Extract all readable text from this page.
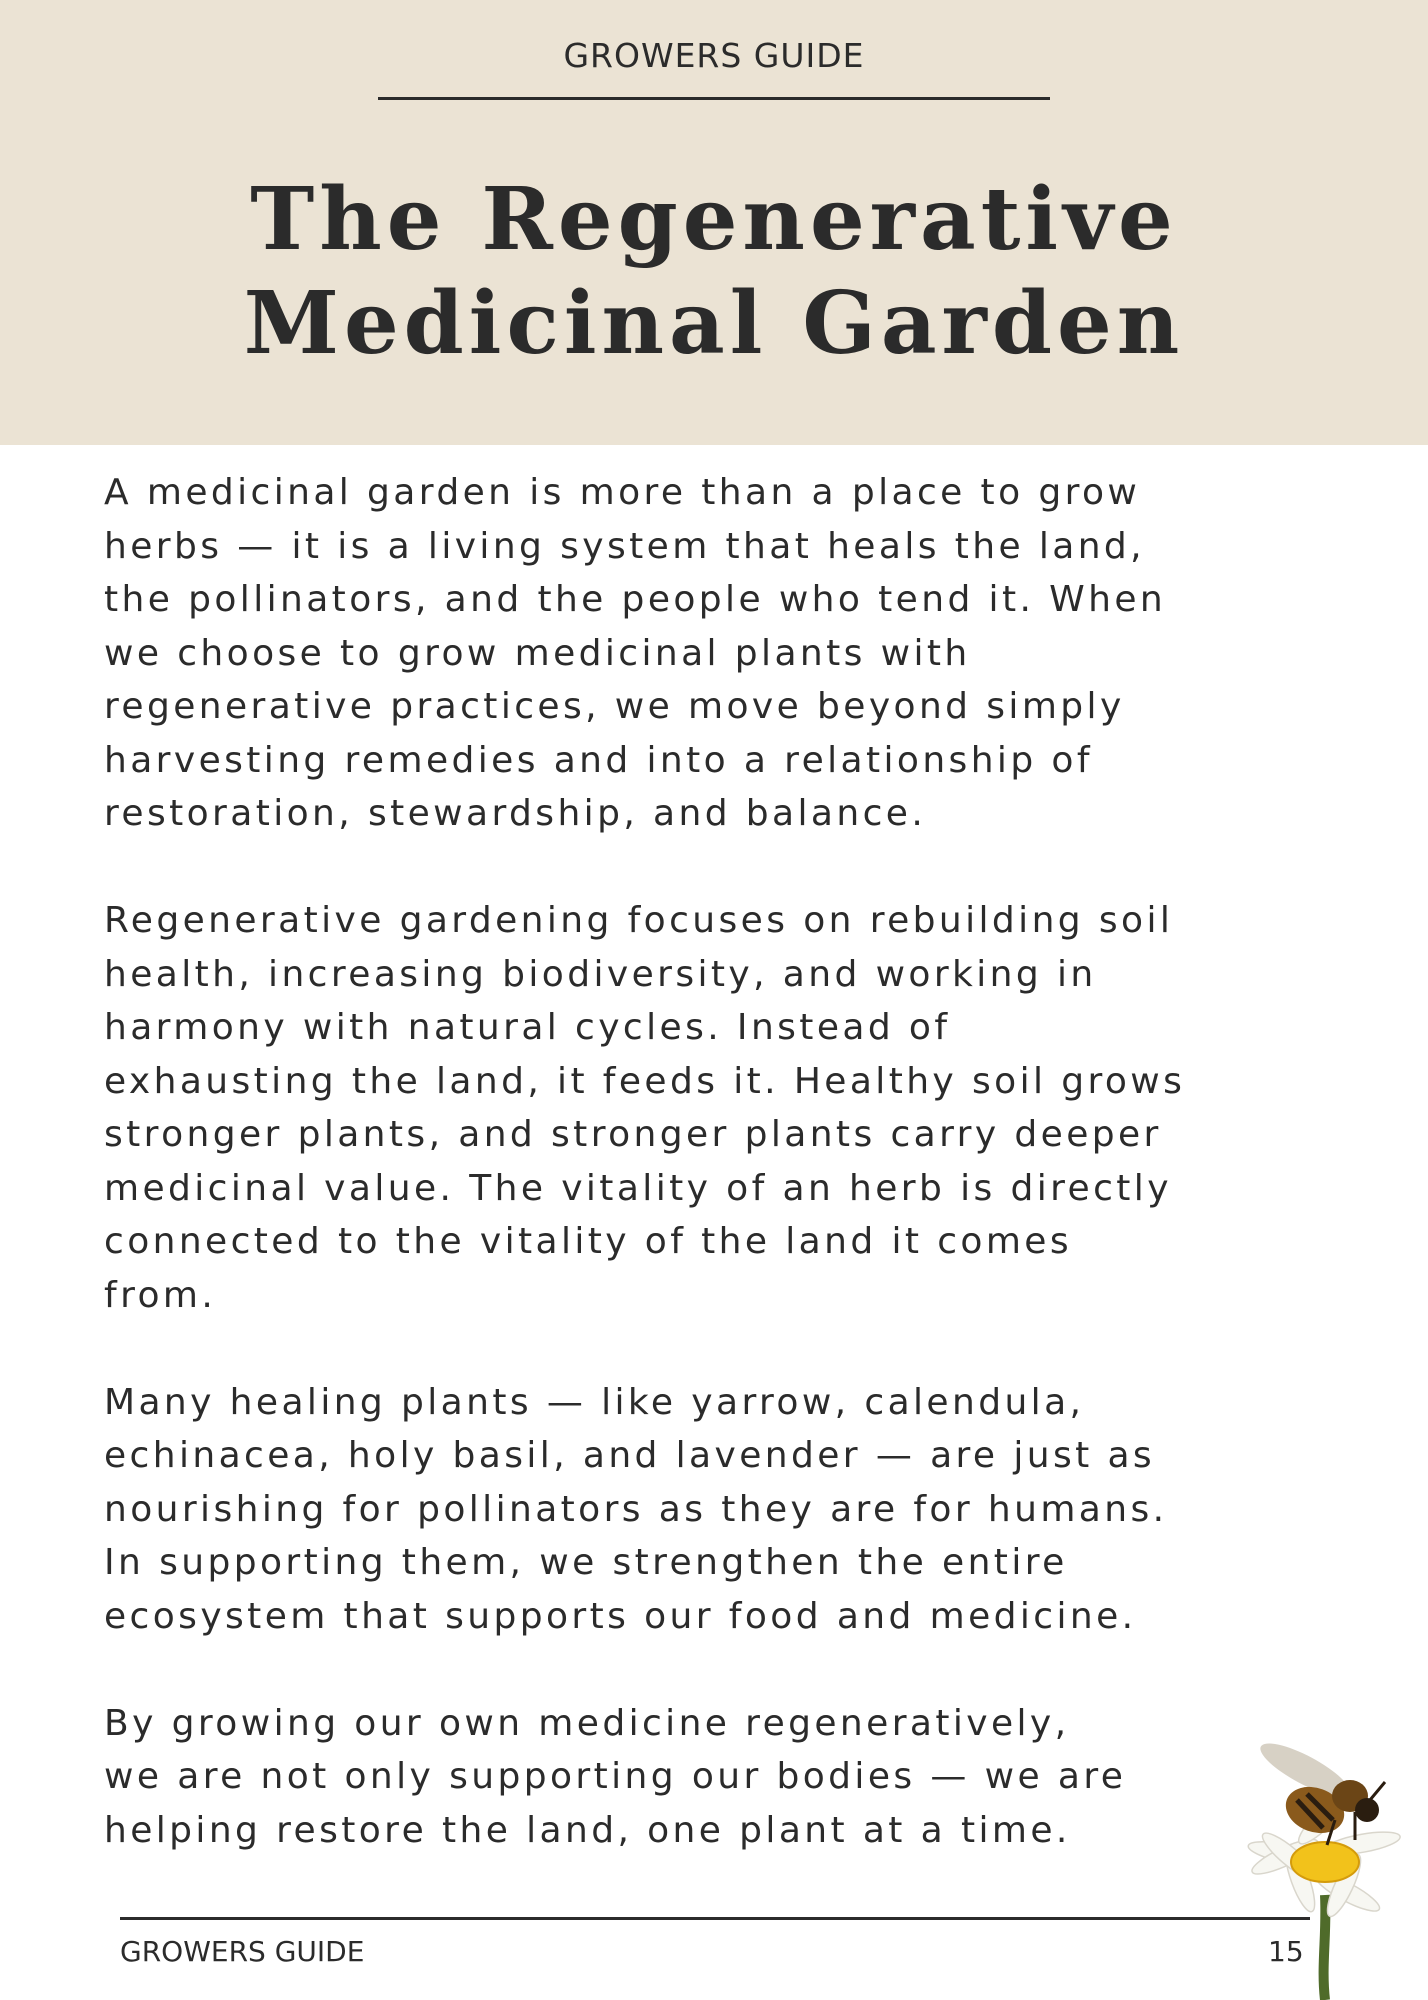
GROWERS GUIDE
The Regenerative
Medicinal Garden

A medicinal garden is more than a place to grow
herbs — it is a living system that heals the land,
the pollinators, and the people who tend it. When
we choose to grow medicinal plants with
regenerative practices, we move beyond simply
harvesting remedies and into a relationship of
restoration, stewardship, and balance.

Regenerative gardening focuses on rebuilding soil
health, increasing biodiversity, and working in
harmony with natural cycles. Instead of
exhausting the land, it feeds it. Healthy soil grows
stronger plants, and stronger plants carry deeper
medicinal value. The vitality of an herb is directly
connected to the vitality of the land it comes
from.

Many healing plants — like yarrow, calendula,
echinacea, holy basil, and lavender — are just as
nourishing for pollinators as they are for humans.
In supporting them, we strengthen the entire
ecosystem that supports our food and medicine.

By growing our own medicine regeneratively,
we are not only supporting our bodies — we are
helping restore the land, one plant at a time.

GROWERS GUIDE	15
